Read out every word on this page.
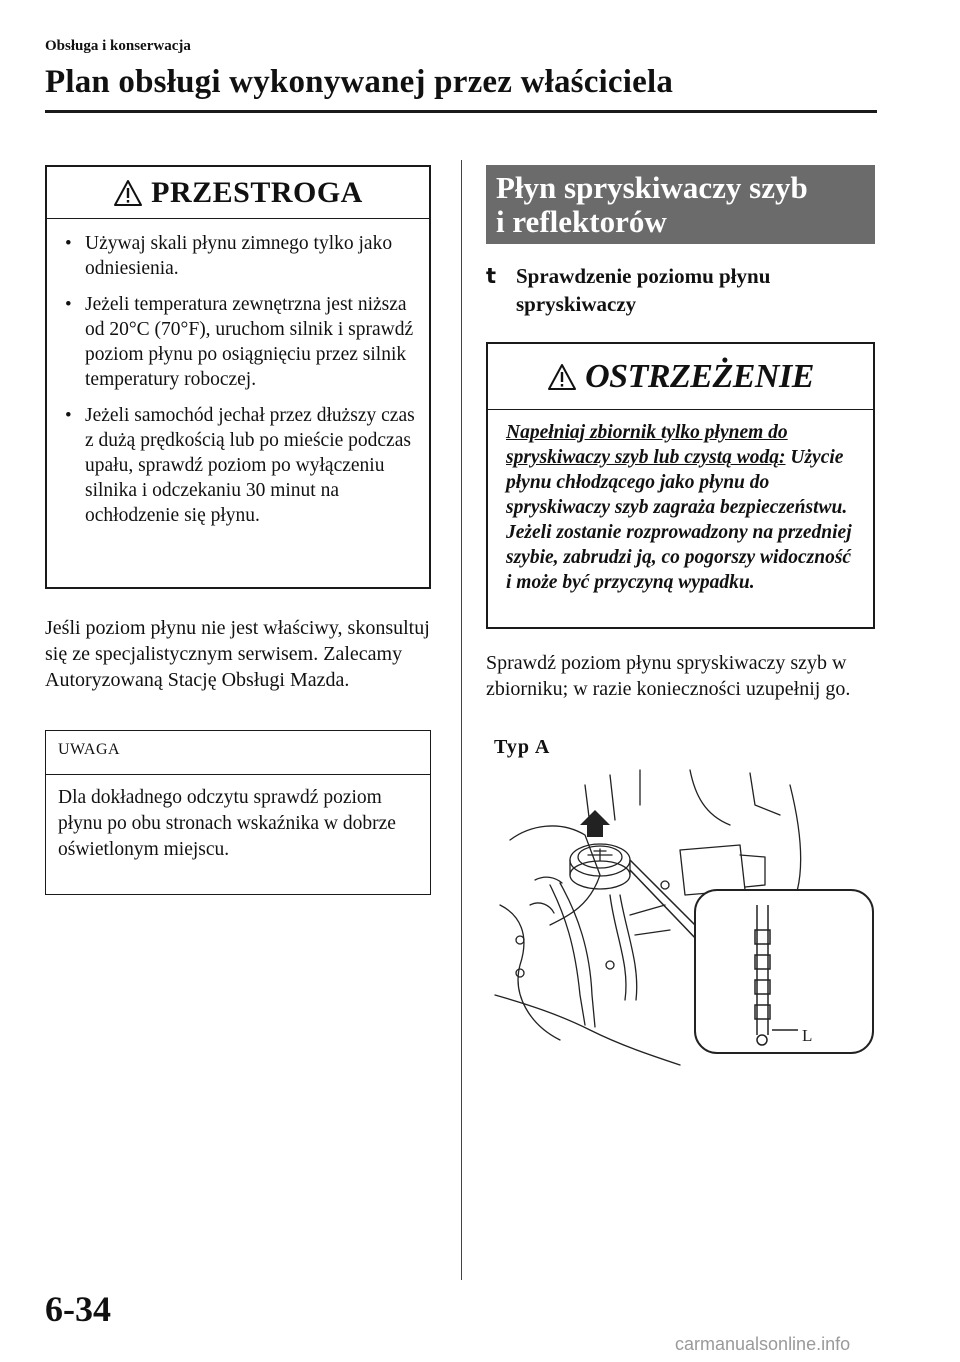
Obsługa i konserwacja
Plan obsługi wykonywanej przez właściciela
PRZESTROGA
• Używaj skali płynu zimnego tylko jako odniesienia.
• Jeżeli temperatura zewnętrzna jest niższa od 20°C (70°F), uruchom silnik i sprawdź poziom płynu po osiągnięciu przez silnik temperatury roboczej.
• Jeżeli samochód jechał przez dłuższy czas z dużą prędkością lub po mieście podczas upału, sprawdź poziom po wyłączeniu silnika i odczekaniu 30 minut na ochłodzenie się płynu.
Jeśli poziom płynu nie jest właściwy, skonsultuj się ze specjalistycznym serwisem. Zalecamy Autoryzowaną Stację Obsługi Mazda.
UWAGA
Dla dokładnego odczytu sprawdź poziom płynu po obu stronach wskaźnika w dobrze oświetlonym miejscu.
Płyn spryskiwaczy szyb
i reflektorów
t Sprawdzenie poziomu płynu spryskiwaczy
OSTRZEŻENIE
Napełniaj zbiornik tylko płynem do spryskiwaczy szyb lub czystą wodą: Użycie płynu chłodzącego jako płynu do spryskiwaczy szyb zagraża bezpieczeństwu. Jeżeli zostanie rozprowadzony na przedniej szybie, zabrudzi ją, co pogorszy widoczność i może być przyczyną wypadku.
Sprawdź poziom płynu spryskiwaczy szyb w zbiorniku; w razie konieczności uzupełnij go.
Typ A
L
6-34
carmanualsonline.info
